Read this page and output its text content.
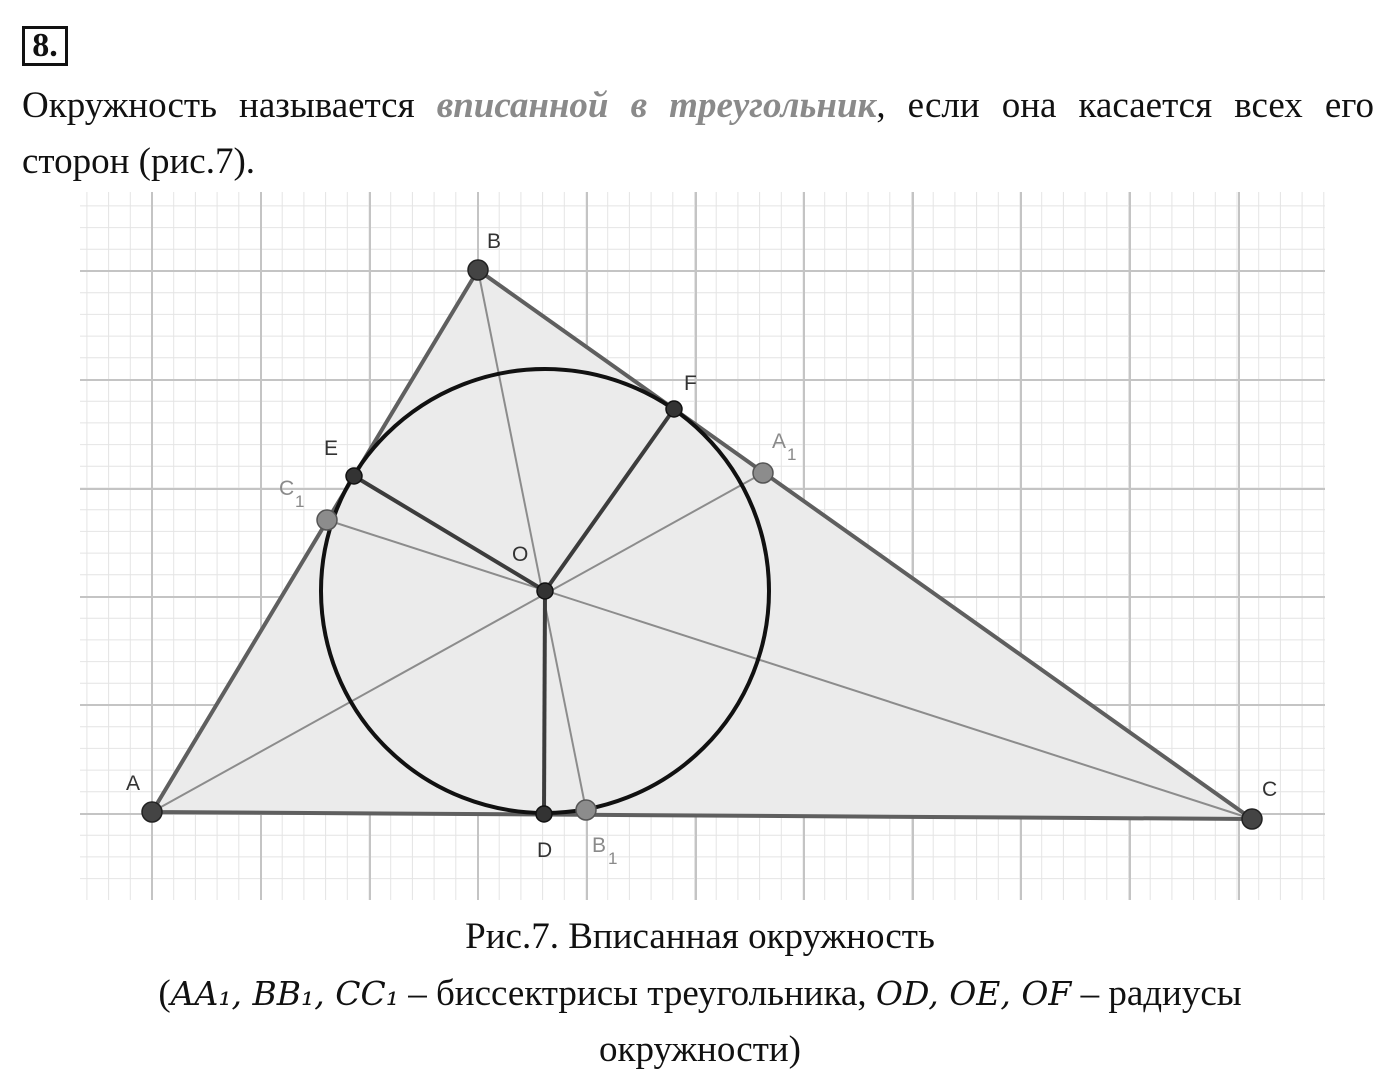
8.
Окружность называется вписанной в треугольник, если она касается всех его сторон (рис.7).
A
B
C
D
E
F
O
A
1
B
1
C
1
Рис.7. Вписанная окружность
(AA₁, BB₁, CC₁ – биссектрисы треугольника, OD, OE, OF – радиусы
окружности)
